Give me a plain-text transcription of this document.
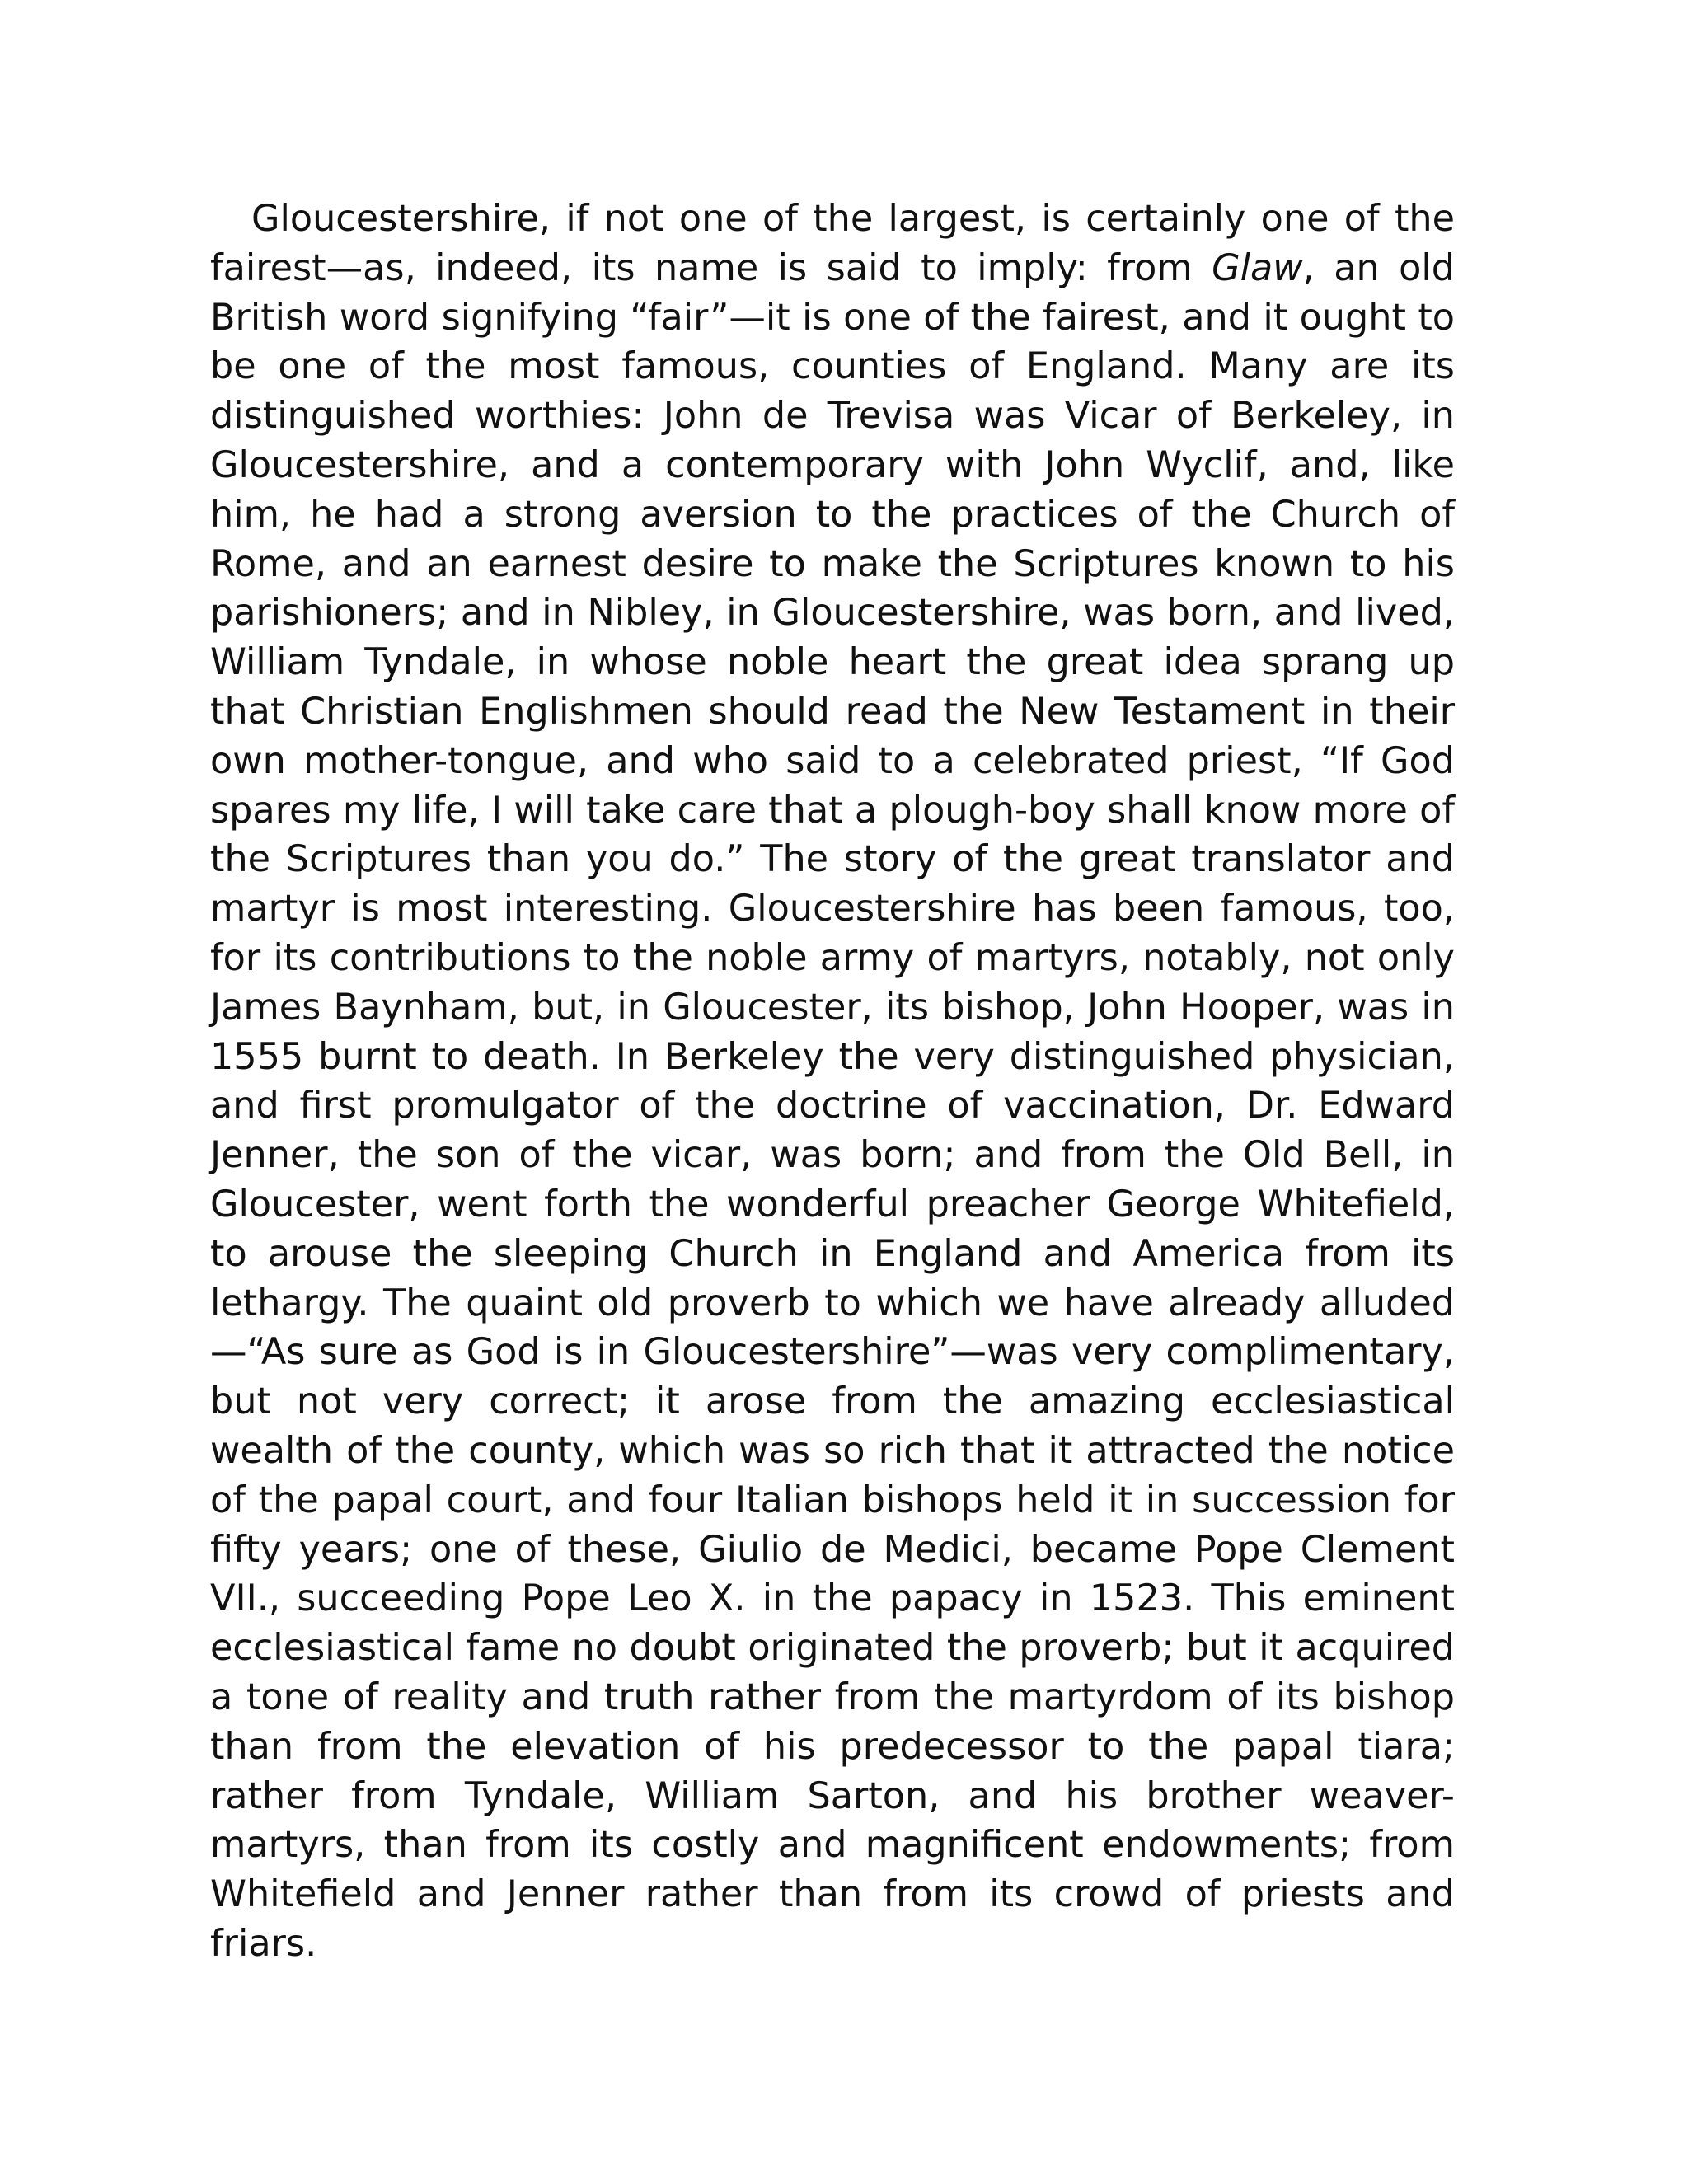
Gloucestershire, if not one of the largest, is certainly one of the fairest—as, indeed, its name is said to imply: from Glaw, an old British word signifying “fair”—it is one of the fairest, and it ought to be one of the most famous, counties of England. Many are its distinguished worthies: John de Trevisa was Vicar of Berkeley, in Gloucestershire, and a contemporary with John Wyclif, and, like him, he had a strong aversion to the practices of the Church of Rome, and an earnest desire to make the Scriptures known to his parishioners; and in Nibley, in Gloucestershire, was born, and lived, William Tyndale, in whose noble heart the great idea sprang up that Christian Englishmen should read the New Testament in their own mother-tongue, and who said to a celebrated priest, “If God spares my life, I will take care that a plough-boy shall know more of the Scriptures than you do.” The story of the great translator and martyr is most interesting. Gloucestershire has been famous, too, for its contributions to the noble army of martyrs, notably, not only James Baynham, but, in Gloucester, its bishop, John Hooper, was in 1555 burnt to death. In Berkeley the very distinguished physician, and first promulgator of the doctrine of vaccination, Dr. Edward Jenner, the son of the vicar, was born; and from the Old Bell, in Gloucester, went forth the wonderful preacher George Whitefield, to arouse the sleeping Church in England and America from its lethargy. The quaint old proverb to which we have already alluded—“As sure as God is in Gloucestershire”—was very complimentary, but not very correct; it arose from the amazing ecclesiastical wealth of the county, which was so rich that it attracted the notice of the papal court, and four Italian bishops held it in succession for fifty years; one of these, Giulio de Medici, became Pope Clement VII., succeeding Pope Leo X. in the papacy in 1523. This eminent ecclesiastical fame no doubt originated the proverb; but it acquired a tone of reality and truth rather from the martyrdom of its bishop than from the elevation of his predecessor to the papal tiara; rather from Tyndale, William Sarton, and his brother weaver-martyrs, than from its costly and magnificent endowments; from Whitefield and Jenner rather than from its crowd of priests and friars.
